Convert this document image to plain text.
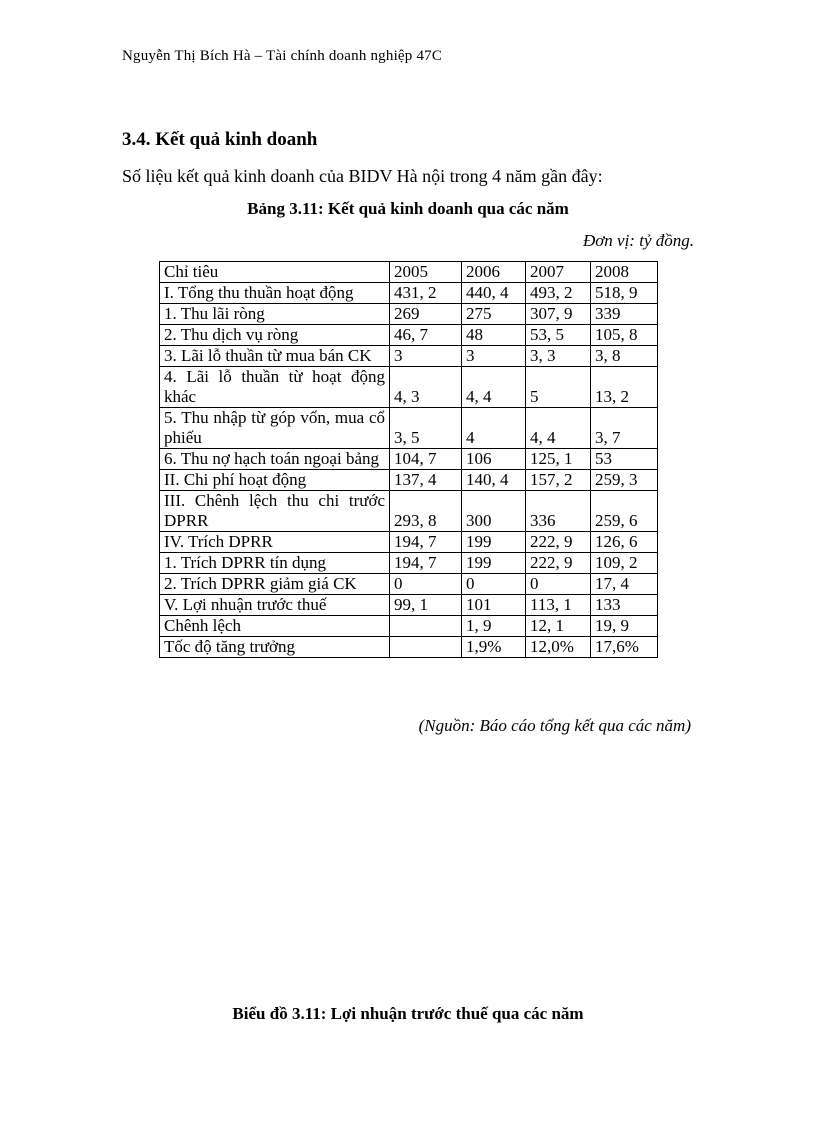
Nguyễn Thị Bích Hà – Tài chính doanh nghiệp 47C
3.4. Kết quả kinh doanh
Số liệu kết quả kinh doanh của BIDV Hà nội trong 4 năm gần đây:
Bảng 3.11: Kết quả kinh doanh qua các năm
Đơn vị: tỷ đồng.
Chỉ tiêu	2005	2006	2007	2008
I. Tổng thu thuần hoạt động	431, 2	440, 4	493, 2	518, 9
1. Thu lãi ròng	269	275	307, 9	339
2. Thu dịch vụ ròng	46, 7	48	53, 5	105, 8
3. Lãi lỗ thuần từ mua bán CK	3	3	3, 3	3, 8
4. Lãi lỗ thuần từ hoạt động khác	4, 3	4, 4	5	13, 2
5. Thu nhập từ góp vốn, mua cổ phiếu	3, 5	4	4, 4	3, 7
6. Thu nợ hạch toán ngoại bảng	104, 7	106	125, 1	53
II. Chi phí hoạt động	137, 4	140, 4	157, 2	259, 3
III. Chênh lệch thu chi trước DPRR	293, 8	300	336	259, 6
IV. Trích DPRR	194, 7	199	222, 9	126, 6
1. Trích DPRR tín dụng	194, 7	199	222, 9	109, 2
2. Trích DPRR giảm giá CK	0	0	0	17, 4
V. Lợi nhuận trước thuế	99, 1	101	113, 1	133
Chênh lệch		1, 9	12, 1	19, 9
Tốc độ tăng trưởng		1,9%	12,0%	17,6%
(Nguồn: Báo cáo tổng kết qua các năm)
Biểu đồ 3.11: Lợi nhuận trước thuế qua các năm
